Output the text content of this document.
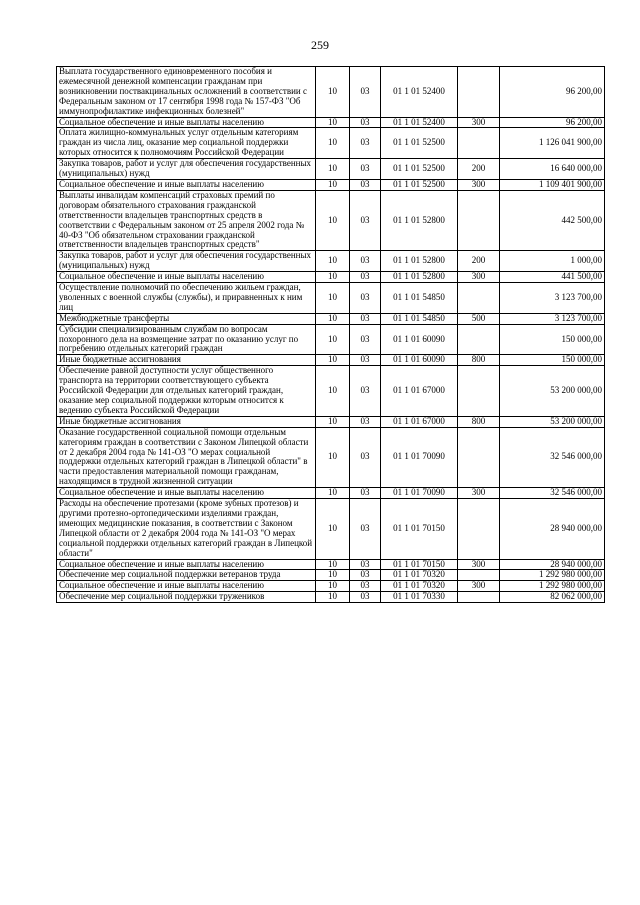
259
Выплата государственного единовременного пособия и ежемесячной денежной компенсации гражданам при возникновении поствакцинальных осложнений в соответствии с Федеральным законом от 17 сентября 1998 года № 157-ФЗ "Об иммунопрофилактике инфекционных болезней"	10	03	01 1 01 52400		96 200,00
Социальное обеспечение и иные выплаты населению	10	03	01 1 01 52400	300	96 200,00
Оплата жилищно-коммунальных услуг отдельным категориям граждан из числа лиц, оказание мер социальной поддержки которых относится к полномочиям Российской Федерации	10	03	01 1 01 52500		1 126 041 900,00
Закупка товаров, работ и услуг для обеспечения государственных (муниципальных) нужд	10	03	01 1 01 52500	200	16 640 000,00
Социальное обеспечение и иные выплаты населению	10	03	01 1 01 52500	300	1 109 401 900,00
Выплаты инвалидам компенсаций страховых премий по договорам обязательного страхования гражданской ответственности владельцев транспортных средств в соответствии с Федеральным законом от 25 апреля 2002 года № 40-ФЗ "Об обязательном страховании гражданской ответственности владельцев транспортных средств"	10	03	01 1 01 52800		442 500,00
Закупка товаров, работ и услуг для обеспечения государственных (муниципальных) нужд	10	03	01 1 01 52800	200	1 000,00
Социальное обеспечение и иные выплаты населению	10	03	01 1 01 52800	300	441 500,00
Осуществление полномочий по обеспечению жильем граждан, уволенных с военной службы (службы), и приравненных к ним лиц	10	03	01 1 01 54850		3 123 700,00
Межбюджетные трансферты	10	03	01 1 01 54850	500	3 123 700,00
Субсидии специализированным службам по вопросам похоронного дела на возмещение затрат по оказанию услуг по погребению отдельных категорий граждан	10	03	01 1 01 60090		150 000,00
Иные бюджетные ассигнования	10	03	01 1 01 60090	800	150 000,00
Обеспечение равной доступности услуг общественного транспорта на территории соответствующего субъекта Российской Федерации для отдельных категорий граждан, оказание мер социальной поддержки которым относится к ведению субъекта Российской Федерации	10	03	01 1 01 67000		53 200 000,00
Иные бюджетные ассигнования	10	03	01 1 01 67000	800	53 200 000,00
Оказание государственной социальной помощи отдельным категориям граждан в соответствии с Законом Липецкой области от 2 декабря 2004 года № 141-ОЗ "О мерах социальной поддержки отдельных категорий граждан в Липецкой области" в части предоставления материальной помощи гражданам, находящимся в трудной жизненной ситуации	10	03	01 1 01 70090		32 546 000,00
Социальное обеспечение и иные выплаты населению	10	03	01 1 01 70090	300	32 546 000,00
Расходы на обеспечение протезами (кроме зубных протезов) и другими протезно-ортопедическими изделиями граждан, имеющих медицинские показания, в соответствии с Законом Липецкой области от 2 декабря 2004 года № 141-ОЗ "О мерах социальной поддержки отдельных категорий граждан в Липецкой области"	10	03	01 1 01 70150		28 940 000,00
Социальное обеспечение и иные выплаты населению	10	03	01 1 01 70150	300	28 940 000,00
Обеспечение мер социальной поддержки ветеранов труда	10	03	01 1 01 70320		1 292 980 000,00
Социальное обеспечение и иные выплаты населению	10	03	01 1 01 70320	300	1 292 980 000,00
Обеспечение мер социальной поддержки тружеников	10	03	01 1 01 70330		82 062 000,00
